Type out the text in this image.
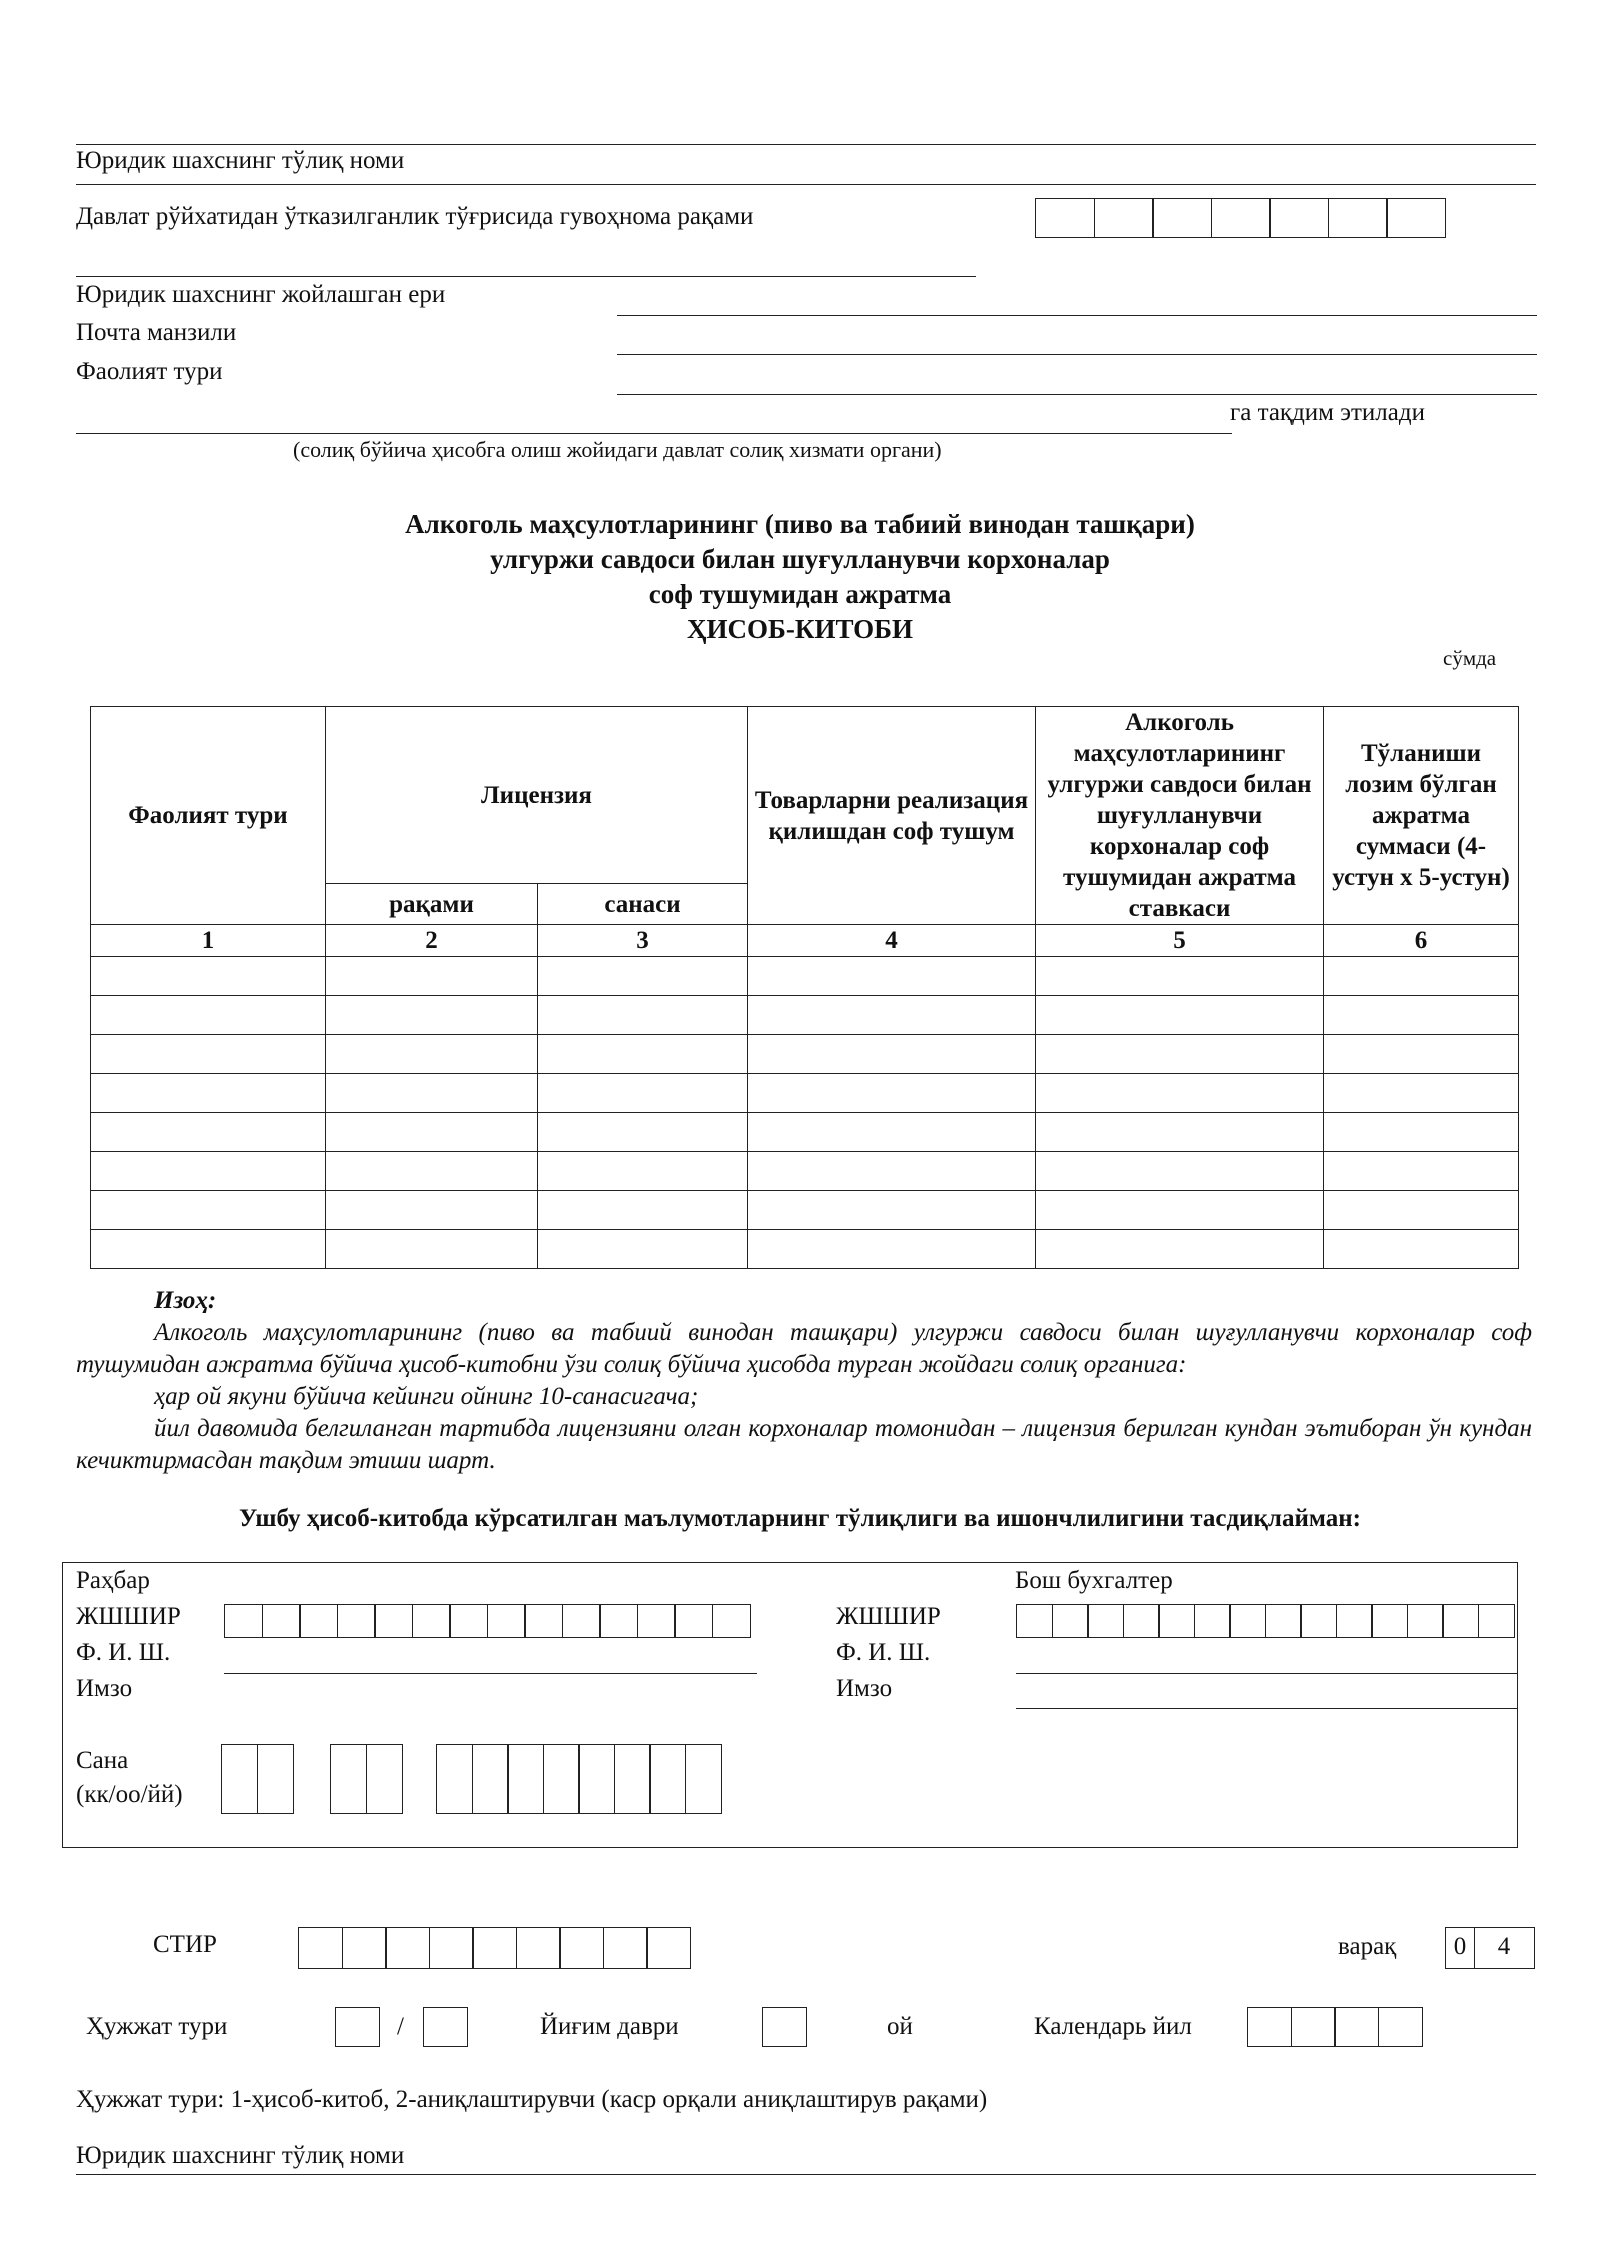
Юридик шахснинг тўлиқ номи
Давлат рўйхатидан ўтказилганлик тўғрисида гувоҳнома рақами
Юридик шахснинг жойлашган ери
Почта манзили
Фаолият тури
га тақдим этилади
(солиқ бўйича ҳисобга олиш жойидаги давлат солиқ хизмати органи)
Алкоголь маҳсулотларининг (пиво ва табиий винодан ташқари)
улгуржи савдоси билан шуғулланувчи корхоналар
соф тушумидан ажратма
ҲИСОБ-КИТОБИ
сўмда
Фаолият тури	Лицензия		Товарларни реализация қилишдан соф тушум	Алкоголь маҳсулотларининг улгуржи савдоси билан шуғулланувчи корхоналар соф тушумидан ажратма ставкаси	Тўланиши лозим бўлган ажратма суммаси (4-устун х 5-устун)
	рақами	санаси			
1	2	3	4	5	6

Изоҳ:
Алкоголь маҳсулотларининг (пиво ва табиий винодан ташқари) улгуржи савдоси билан шуғулланувчи корхоналар соф тушумидан ажратма бўйича ҳисоб-китобни ўзи солиқ бўйича ҳисобда турган жойдаги солиқ органига:
ҳар ой якуни бўйича кейинги ойнинг 10-санасигача;
йил давомида белгиланган тартибда лицензияни олган корхоналар томонидан – лицензия берилган кундан эътиборан ўн кундан кечиктирмасдан тақдим этиши шарт.
Ушбу ҳисоб-китобда кўрсатилган маълумотларнинг тўлиқлиги ва ишончлилигини тасдиқлайман:
Раҳбар
ЖШШИР
Ф. И. Ш.
Имзо
Сана
(кк/оо/йй)
Бош бухгалтер
ЖШШИР
Ф. И. Ш.
Имзо
СТИР	варақ	0	4
Ҳужжат тури	/	Йиғим даври	ой	Календарь йил
Ҳужжат тури: 1-ҳисоб-китоб, 2-аниқлаштирувчи (каср орқали аниқлаштирув рақами)
Юридик шахснинг тўлиқ номи
